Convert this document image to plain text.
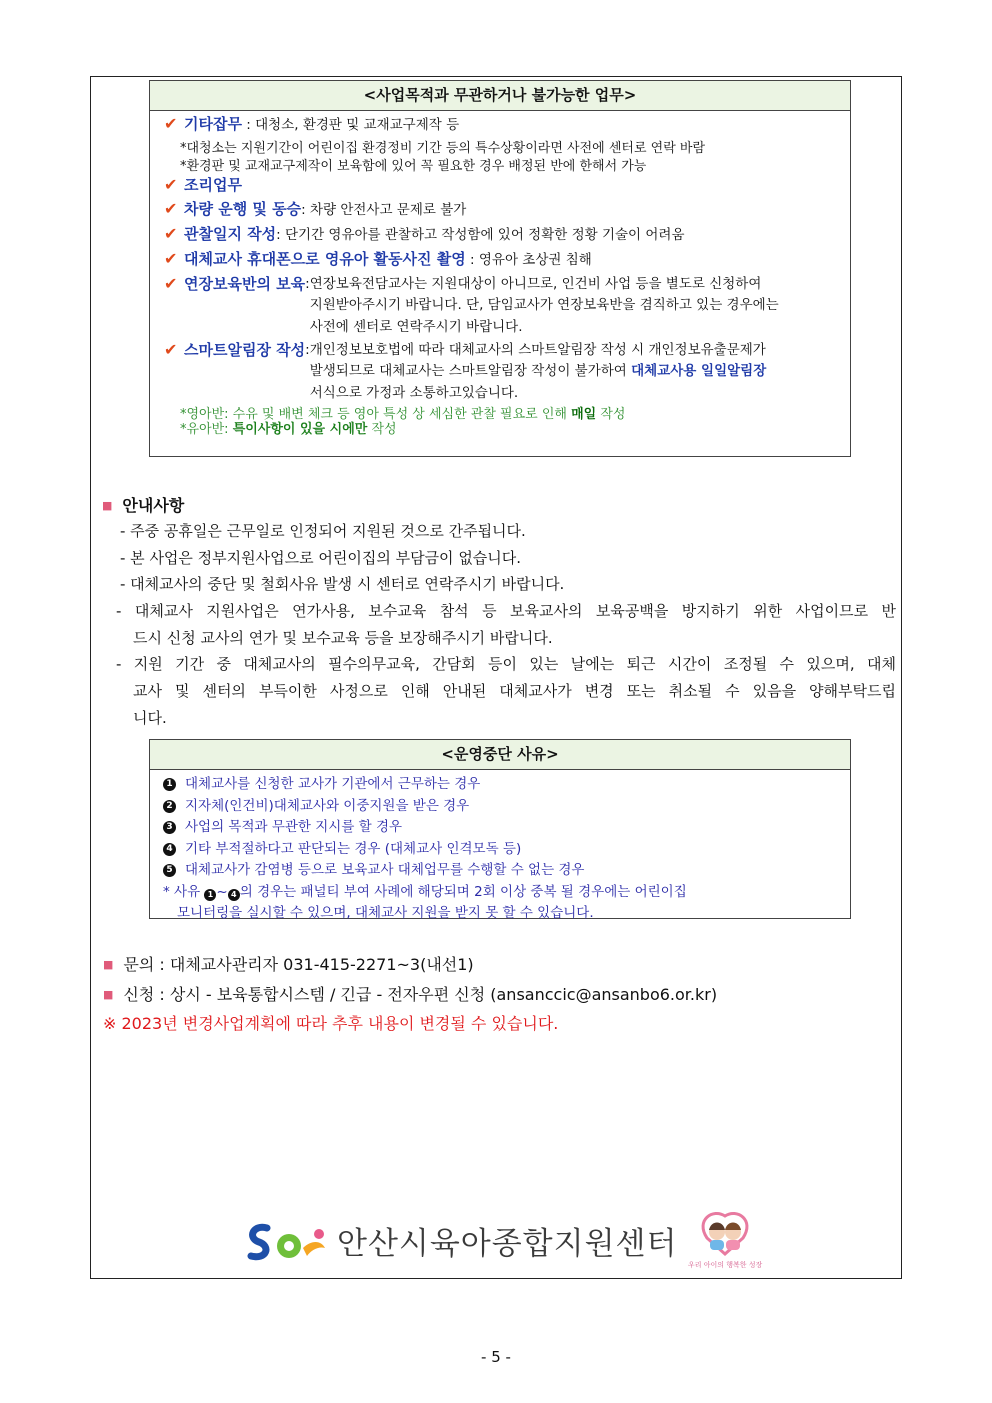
<사업목적과 무관하거나 불가능한 업무>
✔ 기타잡무 : 대청소, 환경판 및 교재교구제작 등
*대청소는 지원기간이 어린이집 환경정비 기간 등의 특수상황이라면 사전에 센터로 연락 바람
*환경판 및 교재교구제작이 보육함에 있어 꼭 필요한 경우 배정된 반에 한해서 가능
✔ 조리업무
✔ 차량 운행 및 동승: 차량 안전사고 문제로 불가
✔ 관찰일지 작성: 단기간 영유아를 관찰하고 작성함에 있어 정확한 정황 기술이 어려움
✔ 대체교사 휴대폰으로 영유아 활동사진 촬영 : 영유아 초상권 침해
✔ 연장보육반의 보육 : 연장보육전담교사는 지원대상이 아니므로, 인건비 사업 등을 별도로 신청하여
지원받아주시기 바랍니다. 단, 담임교사가 연장보육반을 겸직하고 있는 경우에는
사전에 센터로 연락주시기 바랍니다.
✔ 스마트알림장 작성 : 개인정보보호법에 따라 대체교사의 스마트알림장 작성 시 개인정보유출문제가
발생되므로 대체교사는 스마트알림장 작성이 불가하여 대체교사용 일일알림장
서식으로 가정과 소통하고있습니다.
*영아반: 수유 및 배변 체크 등 영아 특성 상 세심한 관찰 필요로 인해 매일 작성
*유아반: 특이사항이 있을 시에만 작성
■ 안내사항
- 주중 공휴일은 근무일로 인정되어 지원된 것으로 간주됩니다.
- 본 사업은 정부지원사업으로 어린이집의 부담금이 없습니다.
- 대체교사의 중단 및 철회사유 발생 시 센터로 연락주시기 바랍니다.
- 대체교사 지원사업은 연가사용, 보수교육 참석 등 보육교사의 보육공백을 방지하기 위한 사업이므로 반
드시 신청 교사의 연가 및 보수교육 등을 보장해주시기 바랍니다.
- 지원 기간 중 대체교사의 필수의무교육, 간담회 등이 있는 날에는 퇴근 시간이 조정될 수 있으며, 대체
교사 및 센터의 부득이한 사정으로 인해 안내된 대체교사가 변경 또는 취소될 수 있음을 양해부탁드립
니다.
<운영중단 사유>
1 대체교사를 신청한 교사가 기관에서 근무하는 경우
2 지자체(인건비)대체교사와 이중지원을 받은 경우
3 사업의 목적과 무관한 지시를 할 경우
4 기타 부적절하다고 판단되는 경우 (대체교사 인격모독 등)
5 대체교사가 감염병 등으로 보육교사 대체업무를 수행할 수 없는 경우
* 사유 1 ~ 4 의 경우는 패널티 부여 사례에 해당되며 2회 이상 중복 될 경우에는 어린이집
모니터링을 실시할 수 있으며, 대체교사 지원을 받지 못 할 수 있습니다.
■ 문의 : 대체교사관리자 031-415-2271~3(내선1)
■ 신청 : 상시 - 보육통합시스템 / 긴급 - 전자우편 신청 (ansanccic@ansanbo6.or.kr)
※ 2023년 변경사업계획에 따라 추후 내용이 변경될 수 있습니다.
안산시육아종합지원센터
우리 아이의 행복한 성장
- 5 -
